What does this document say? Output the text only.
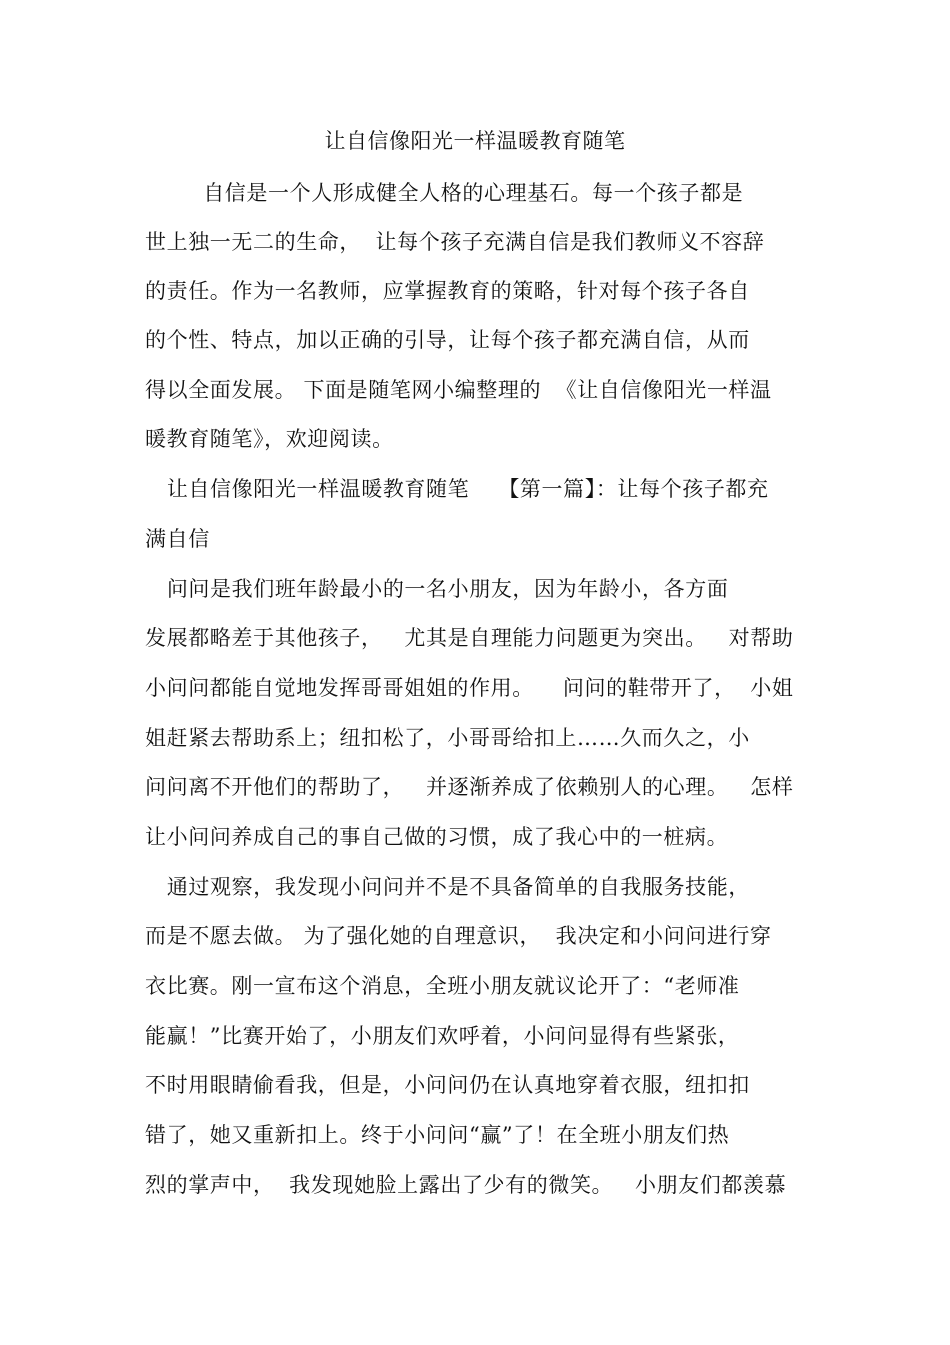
让自信像阳光一样温暖教育随笔
自信是一个人形成健全人格的心理基石。每一个孩子都是
世上独一无二的生命，  让每个孩子充满自信是我们教师义不容辞
的责任。作为一名教师，应掌握教育的策略，针对每个孩子各自
的个性、特点，加以正确的引导，让每个孩子都充满自信，从而
得以全面发展。 下面是随笔网小编整理的  《让自信像阳光一样温
暖教育随笔》，欢迎阅读。
让自信像阳光一样温暖教育随笔    【第一篇】：让每个孩子都充
满自信
问问是我们班年龄最小的一名小朋友，因为年龄小，各方面
发展都略差于其他孩子，   尤其是自理能力问题更为突出。   对帮助
小问问都能自觉地发挥哥哥姐姐的作用。    问问的鞋带开了，  小姐
姐赶紧去帮助系上；纽扣松了，小哥哥给扣上……久而久之，小
问问离不开他们的帮助了，   并逐渐养成了依赖别人的心理。   怎样
让小问问养成自己的事自己做的习惯，成了我心中的一桩病。
通过观察，我发现小问问并不是不具备简单的自我服务技能，
而是不愿去做。 为了强化她的自理意识，  我决定和小问问进行穿
衣比赛。刚一宣布这个消息，全班小朋友就议论开了：“老师准
能赢！”比赛开始了，小朋友们欢呼着，小问问显得有些紧张，
不时用眼睛偷看我，但是，小问问仍在认真地穿着衣服，纽扣扣
错了，她又重新扣上。终于小问问“赢”了！在全班小朋友们热
烈的掌声中，  我发现她脸上露出了少有的微笑。   小朋友们都羡慕
